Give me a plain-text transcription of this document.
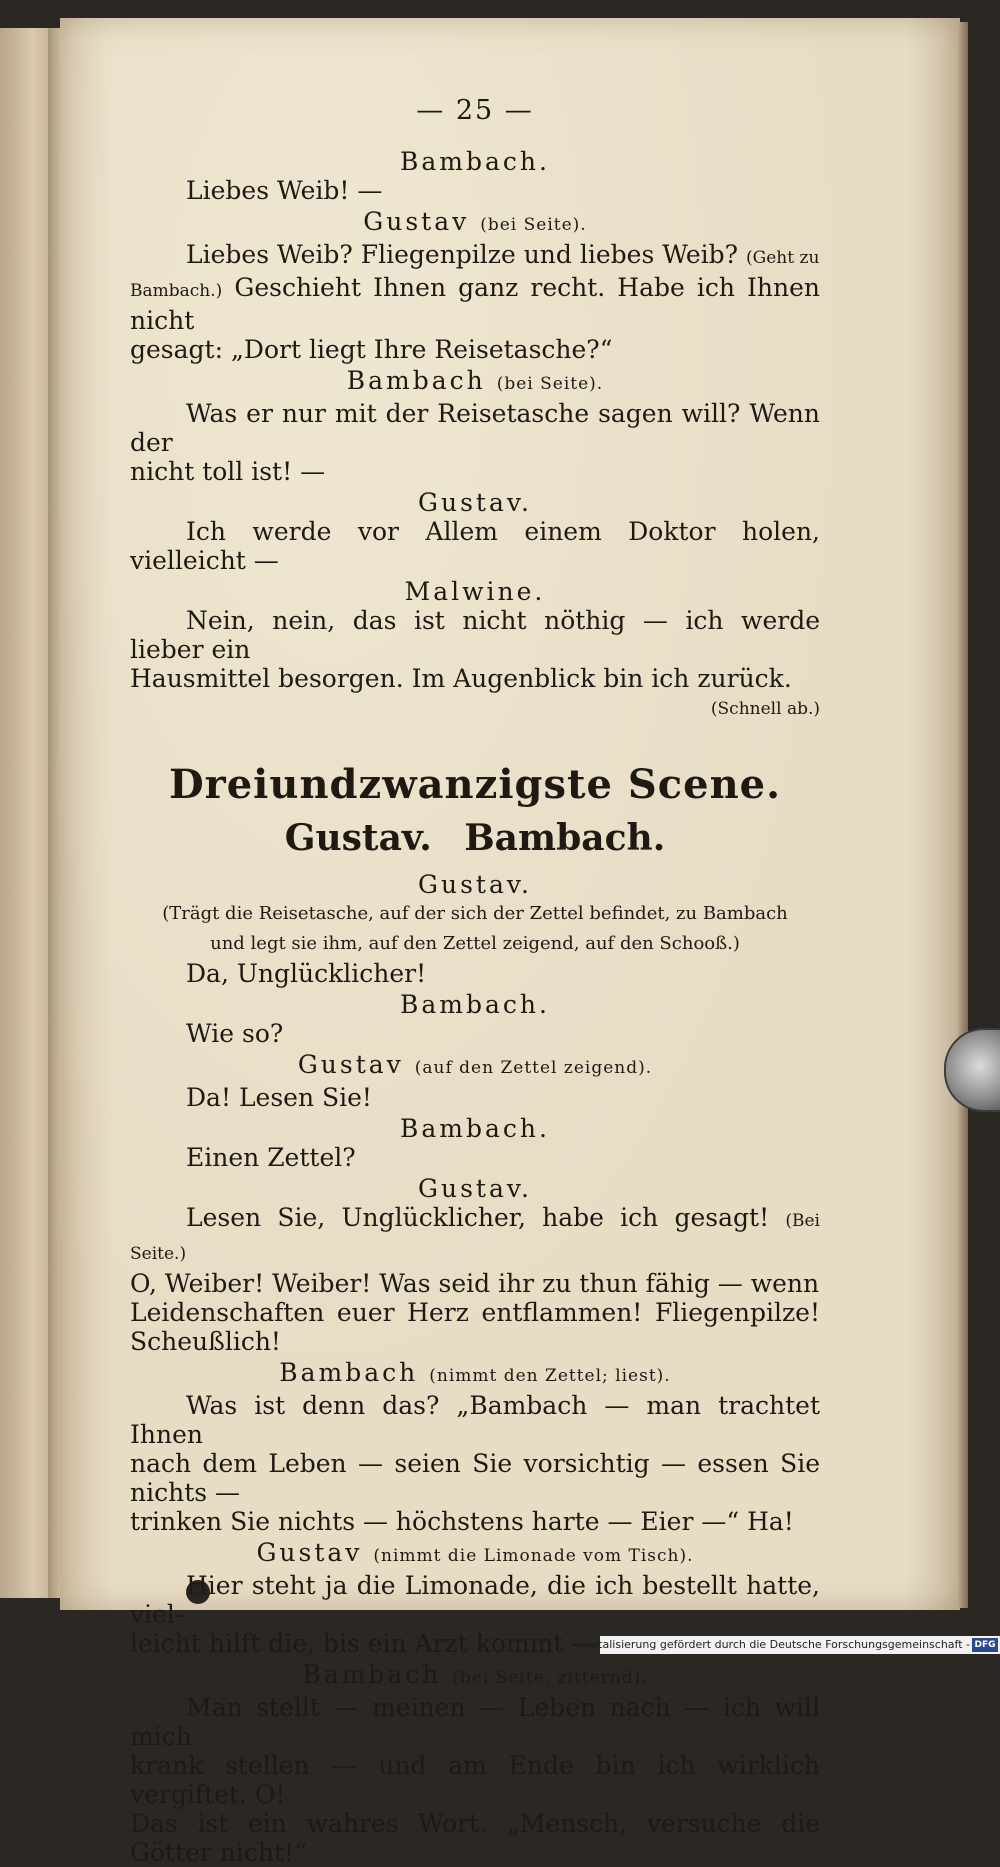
— 25 —
Bambach.
Liebes Weib! —
Gustav (bei Seite).
Liebes Weib? Fliegenpilze und liebes Weib? (Geht zu
Bambach.) Geschieht Ihnen ganz recht. Habe ich Ihnen nicht
gesagt: „Dort liegt Ihre Reisetasche?“
Bambach (bei Seite).
Was er nur mit der Reisetasche sagen will? Wenn der
nicht toll ist! —
Gustav.
Ich werde vor Allem einem Doktor holen, vielleicht —
Malwine.
Nein, nein, das ist nicht nöthig — ich werde lieber ein
Hausmittel besorgen. Im Augenblick bin ich zurück.
(Schnell ab.)
Dreiundzwanzigste Scene.
Gustav. Bambach.
Gustav.
(Trägt die Reisetasche, auf der sich der Zettel befindet, zu Bambach
und legt sie ihm, auf den Zettel zeigend, auf den Schooß.)
Da, Unglücklicher!
Bambach.
Wie so?
Gustav (auf den Zettel zeigend).
Da! Lesen Sie!
Bambach.
Einen Zettel?
Gustav.
Lesen Sie, Unglücklicher, habe ich gesagt! (Bei Seite.)
O, Weiber! Weiber! Was seid ihr zu thun fähig — wenn
Leidenschaften euer Herz entflammen! Fliegenpilze! Scheußlich!
Bambach (nimmt den Zettel; liest).
Was ist denn das? „Bambach — man trachtet Ihnen
nach dem Leben — seien Sie vorsichtig — essen Sie nichts —
trinken Sie nichts — höchstens harte — Eier —“ Ha!
Gustav (nimmt die Limonade vom Tisch).
Hier steht ja die Limonade, die ich bestellt hatte, viel-
leicht hilft die, bis ein Arzt kommt —
Bambach (bei Seite, zitternd).
Man stellt — meinen — Leben nach — ich will mich
krank stellen — und am Ende bin ich wirklich vergiftet. O!
Das ist ein wahres Wort. „Mensch, versuche die Götter nicht!“
Digitalisierung gefördert durch die Deutsche Forschungsgemeinschaft - DFG
